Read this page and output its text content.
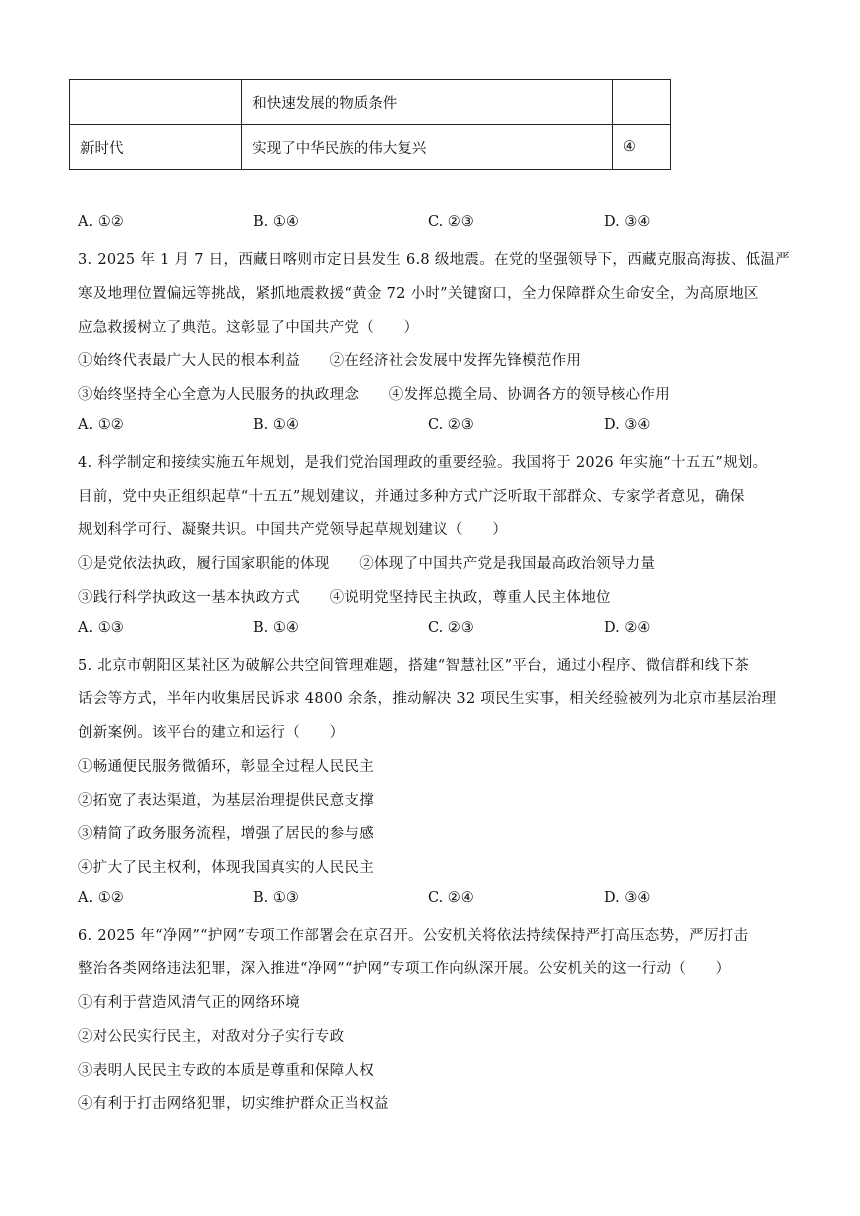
	和快速发展的物质条件	
新时代	实现了中华民族的伟大复兴	④
A. ①②	B. ①④	C. ②③	D. ③④
3. 2025 年 1 月 7 日，西藏日喀则市定日县发生 6.8 级地震。在党的坚强领导下，西藏克服高海拔、低温严
寒及地理位置偏远等挑战，紧抓地震救援“黄金 72 小时”关键窗口，全力保障群众生命安全，为高原地区
应急救援树立了典范。这彰显了中国共产党（　　）
①始终代表最广大人民的根本利益　　②在经济社会发展中发挥先锋模范作用
③始终坚持全心全意为人民服务的执政理念　　④发挥总揽全局、协调各方的领导核心作用
A. ①②	B. ①④	C. ②③	D. ③④
4. 科学制定和接续实施五年规划，是我们党治国理政的重要经验。我国将于 2026 年实施“十五五”规划。
目前，党中央正组织起草“十五五”规划建议，并通过多种方式广泛听取干部群众、专家学者意见，确保
规划科学可行、凝聚共识。中国共产党领导起草规划建议（　　）
①是党依法执政，履行国家职能的体现　　②体现了中国共产党是我国最高政治领导力量
③践行科学执政这一基本执政方式　　④说明党坚持民主执政，尊重人民主体地位
A. ①③	B. ①④	C. ②③	D. ②④
5. 北京市朝阳区某社区为破解公共空间管理难题，搭建“智慧社区”平台，通过小程序、微信群和线下茶
话会等方式，半年内收集居民诉求 4800 余条，推动解决 32 项民生实事，相关经验被列为北京市基层治理
创新案例。该平台的建立和运行（　　）
①畅通便民服务微循环，彰显全过程人民民主
②拓宽了表达渠道，为基层治理提供民意支撑
③精简了政务服务流程，增强了居民的参与感
④扩大了民主权利，体现我国真实的人民民主
A. ①②	B. ①③	C. ②④	D. ③④
6. 2025 年“净网”“护网”专项工作部署会在京召开。公安机关将依法持续保持严打高压态势，严厉打击
整治各类网络违法犯罪，深入推进“净网”“护网”专项工作向纵深开展。公安机关的这一行动（　　）
①有利于营造风清气正的网络环境
②对公民实行民主，对敌对分子实行专政
③表明人民民主专政的本质是尊重和保障人权
④有利于打击网络犯罪，切实维护群众正当权益
